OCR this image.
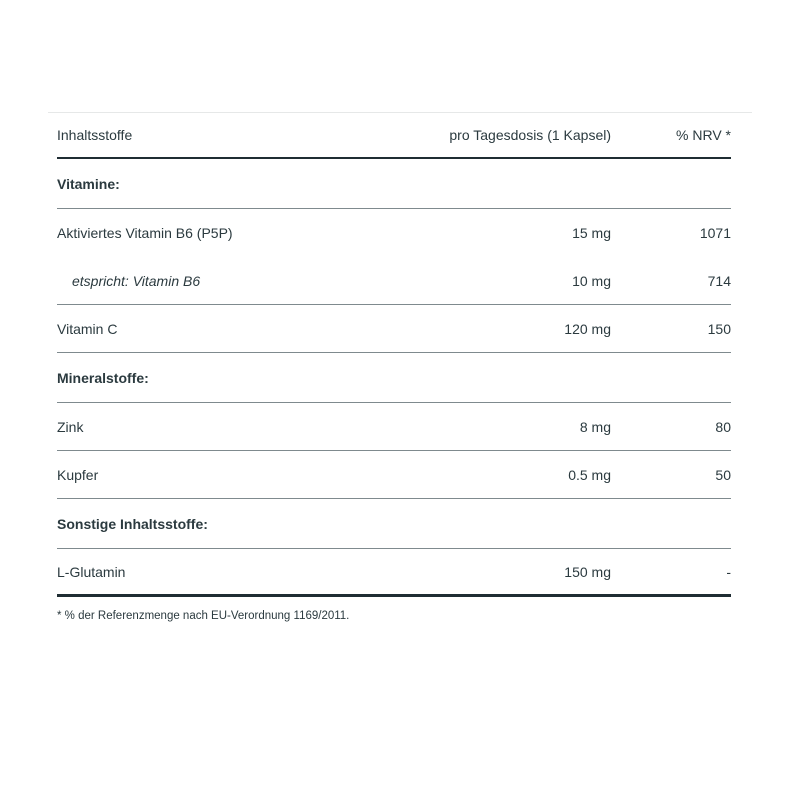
Inhaltsstoffe	pro Tagesdosis (1 Kapsel)	% NRV *
Vitamine:
Aktiviertes Vitamin B6 (P5P)	15 mg	1071
etspricht: Vitamin B6	10 mg	714
Vitamin C	120 mg	150
Mineralstoffe:
Zink	8 mg	80
Kupfer	0.5 mg	50
Sonstige Inhaltsstoffe:
L-Glutamin	150 mg	-
* % der Referenzmenge nach EU-Verordnung 1169/2011.
